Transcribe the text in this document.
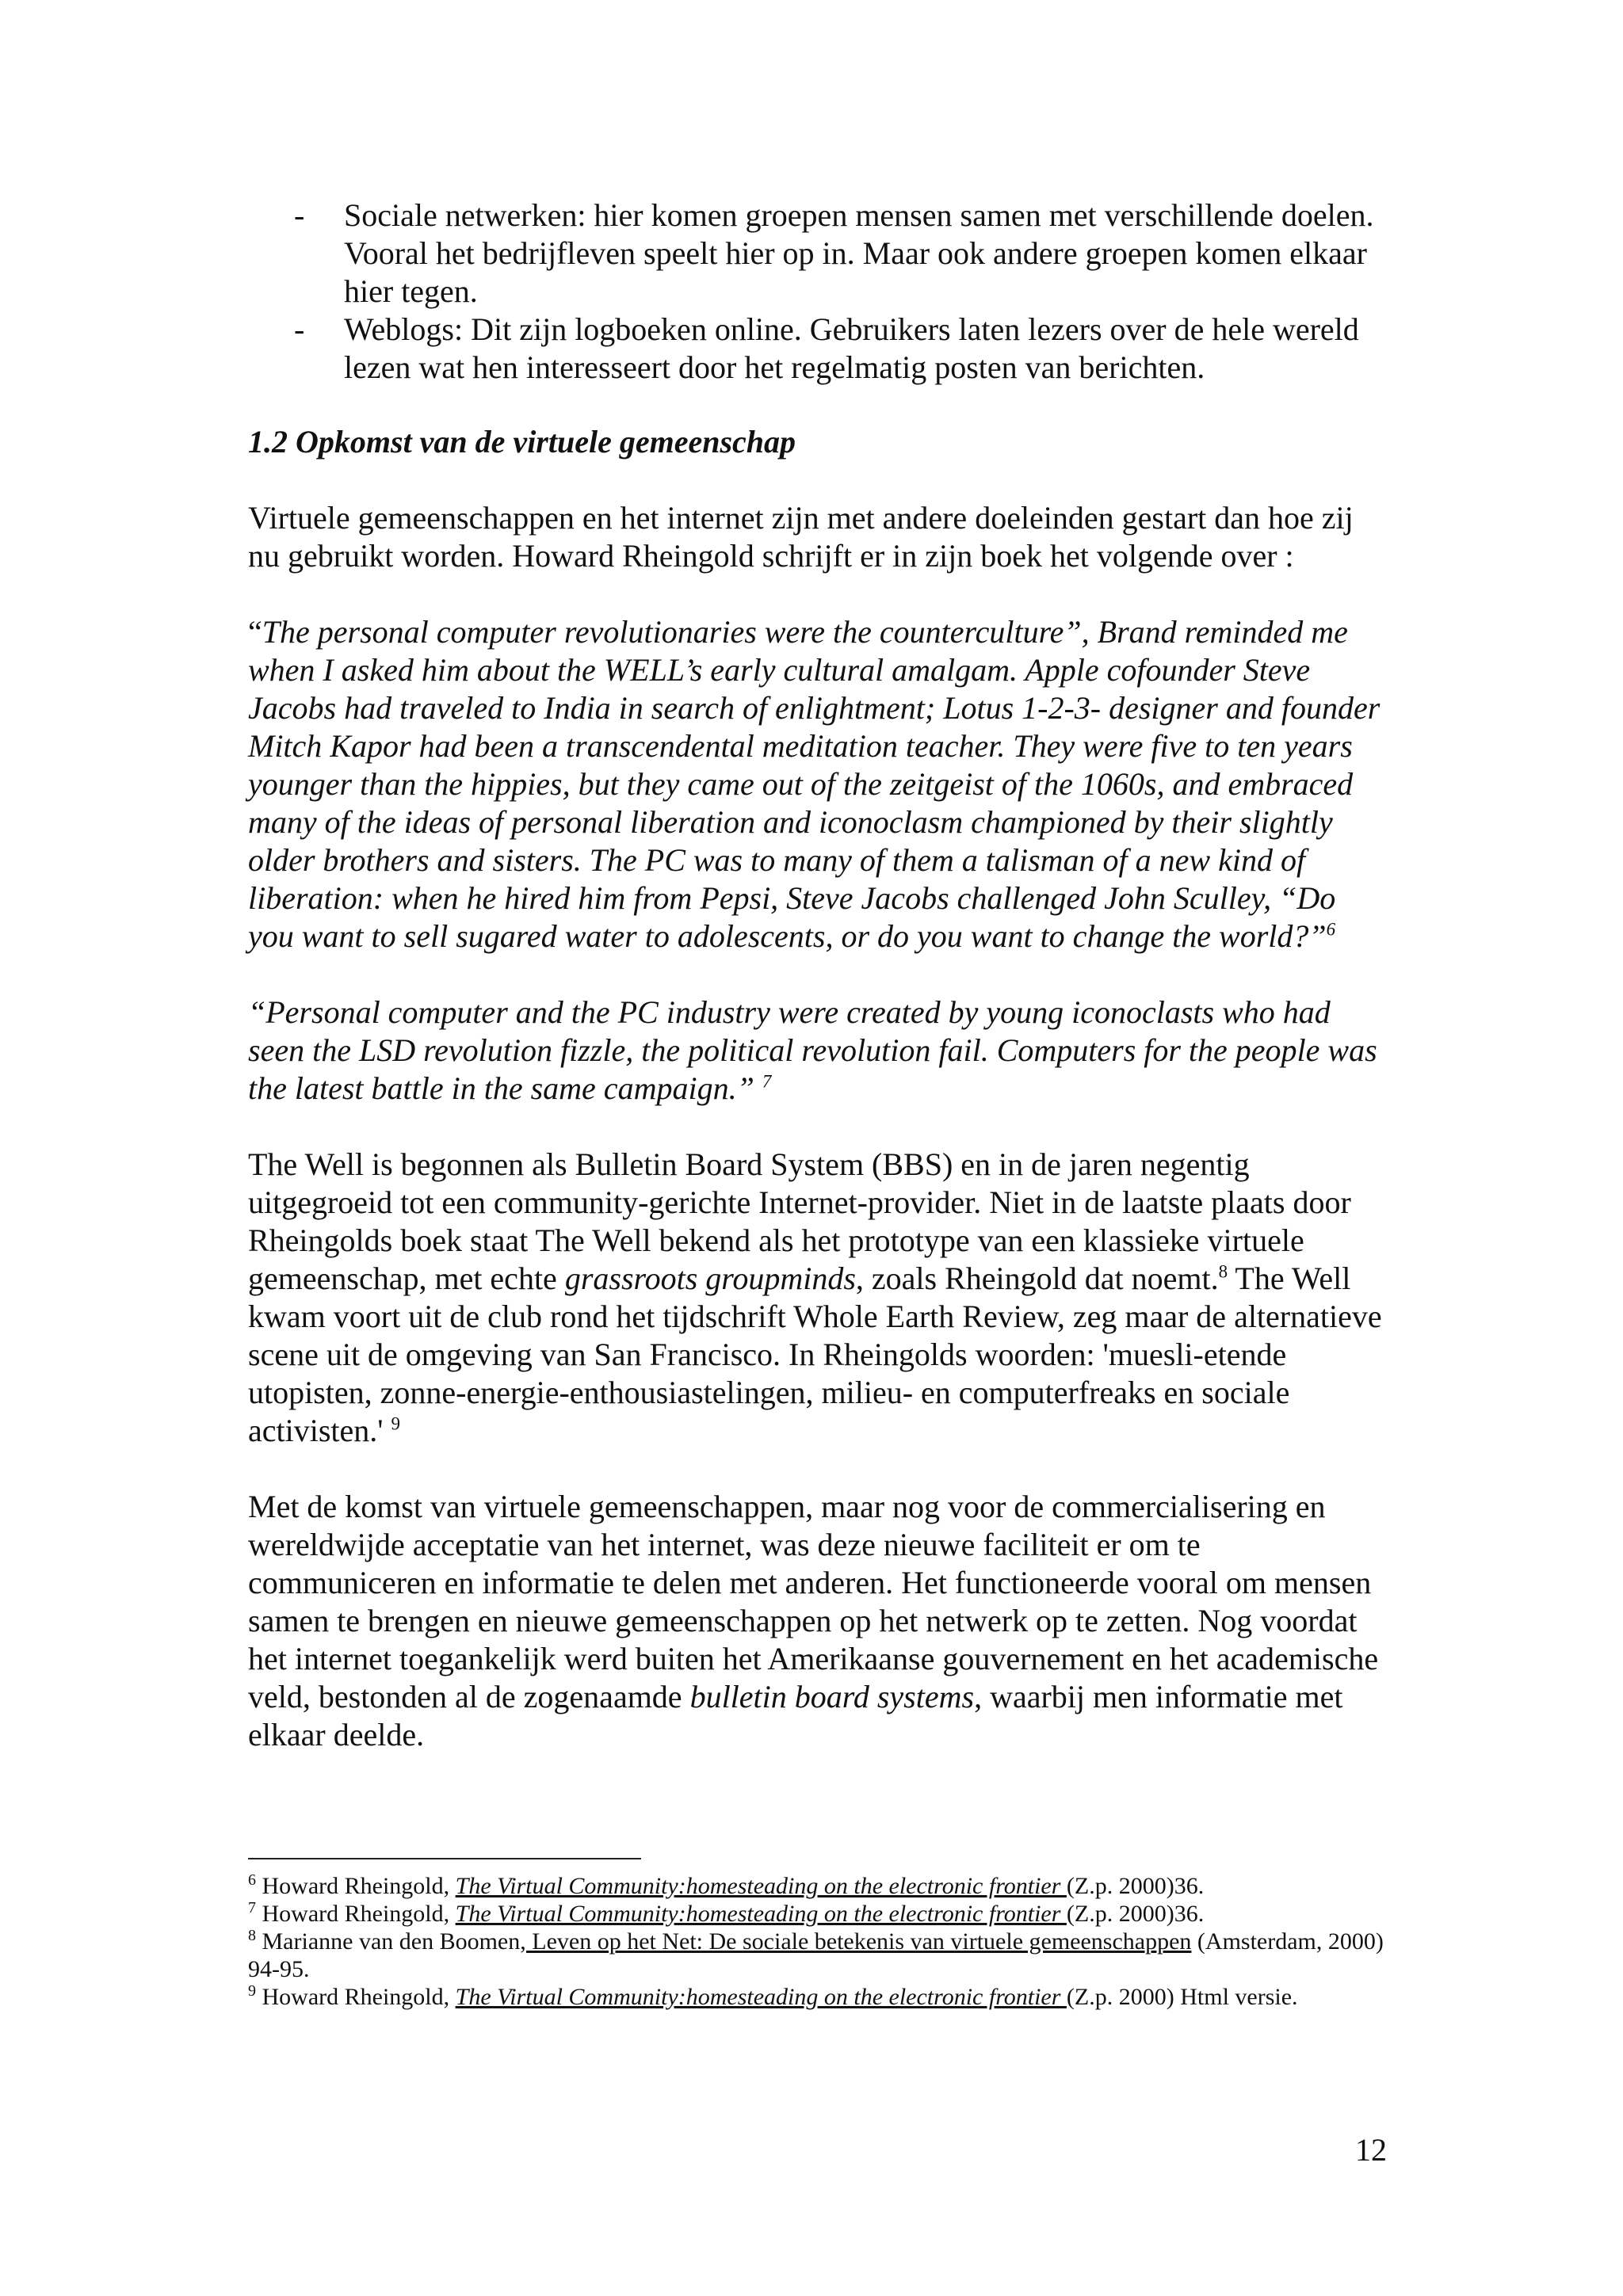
-	Sociale netwerken: hier komen groepen mensen samen met verschillende doelen. Vooral het bedrijfleven speelt hier op in. Maar ook andere groepen komen elkaar hier tegen.
-	Weblogs: Dit zijn logboeken online. Gebruikers laten lezers over de hele wereld lezen wat hen interesseert door het regelmatig posten van berichten.
1.2 Opkomst van de virtuele gemeenschap
Virtuele gemeenschappen en het internet zijn met andere doeleinden gestart dan hoe zij nu gebruikt worden. Howard Rheingold schrijft er in zijn boek het volgende over :
“The personal computer revolutionaries were the counterculture”, Brand reminded me when I asked him about the WELL’s early cultural amalgam. Apple cofounder Steve Jacobs had traveled to India in search of enlightment; Lotus 1-2-3- designer and founder Mitch Kapor had been a transcendental meditation teacher. They were five to ten years younger than the hippies, but they came out of the zeitgeist of the 1060s, and embraced many of the ideas of personal liberation and iconoclasm championed by their slightly older brothers and sisters. The PC was to many of them a talisman of a new kind of liberation: when he hired him from Pepsi, Steve Jacobs challenged John Sculley, “Do you want to sell sugared water to adolescents, or do you want to change the world?”$^6$
“Personal computer and the PC industry were created by young iconoclasts who had seen the LSD revolution fizzle, the political revolution fail. Computers for the people was the latest battle in the same campaign.” $^7$
The Well is begonnen als Bulletin Board System (BBS) en in de jaren negentig uitgegroeid tot een community-gerichte Internet-provider. Niet in de laatste plaats door Rheingolds boek staat The Well bekend als het prototype van een klassieke virtuele gemeenschap, met echte grassroots groupminds, zoals Rheingold dat noemt.$^8$ The Well kwam voort uit de club rond het tijdschrift Whole Earth Review, zeg maar de alternatieve scene uit de omgeving van San Francisco. In Rheingolds woorden: 'muesli-etende utopisten, zonne-energie-enthousiastelingen, milieu- en computerfreaks en sociale activisten.' $^9$
Met de komst van virtuele gemeenschappen, maar nog voor de commercialisering en wereldwijde acceptatie van het internet, was deze nieuwe faciliteit er om te communiceren en informatie te delen met anderen. Het functioneerde vooral om mensen samen te brengen en nieuwe gemeenschappen op het netwerk op te zetten. Nog voordat het internet toegankelijk werd buiten het Amerikaanse gouvernement en het academische veld, bestonden al de zogenaamde bulletin board systems, waarbij men informatie met elkaar deelde.
$^6$ Howard Rheingold, The Virtual Community:homesteading on the electronic frontier (Z.p. 2000)36.
$^7$ Howard Rheingold, The Virtual Community:homesteading on the electronic frontier (Z.p. 2000)36.
$^8$ Marianne van den Boomen, Leven op het Net: De sociale betekenis van virtuele gemeenschappen (Amsterdam, 2000) 94-95.
$^9$ Howard Rheingold, The Virtual Community:homesteading on the electronic frontier (Z.p. 2000) Html versie.
12
